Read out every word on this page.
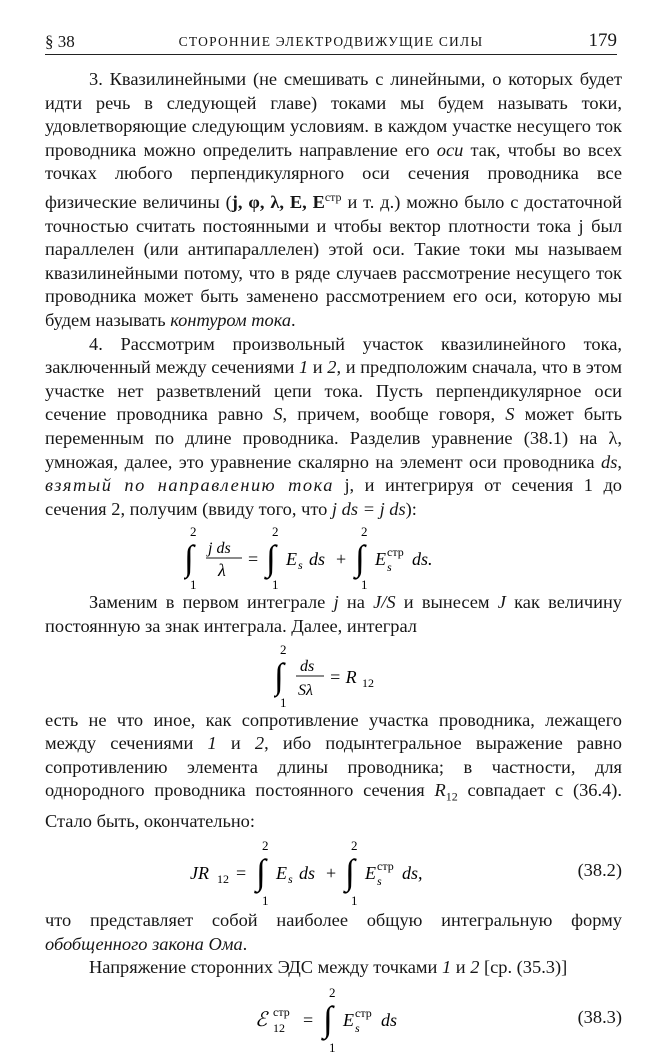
§ 38	СТОРОННИЕ ЭЛЕКТРОДВИЖУЩИЕ СИЛЫ	179

3. Квазилинейными (не смешивать с линейными, о которых будет идти речь в следующей главе) токами мы будем называть токи, удовлетворяющие следующим условиям. в каждом участке несущего ток проводника можно определить направление его оси так, чтобы во всех точках любого перпендикулярного оси сечения проводника все физические величины (j, φ, λ, E, $E^{стр}$ и т. д.) можно было с достаточной точностью считать постоянными и чтобы вектор плотности тока j был параллелен (или антипараллелен) этой оси. Такие токи мы называем квазилинейными потому, что в ряде случаев рассмотрение несущего ток проводника может быть заменено рассмотрением его оси, которую мы будем называть контуром тока.

4. Рассмотрим произвольный участок квазилинейного тока, заключенный между сечениями 1 и 2, и предположим сначала, что в этом участке нет разветвлений цепи тока. Пусть перпендикулярное оси сечение проводника равно S, причем, вообще говоря, S может быть переменным по длине проводника. Разделив уравнение (38.1) на λ, умножая, далее, это уравнение скалярно на элемент оси проводника ds, взятый по направлению тока j, и интегрируя от сечения 1 до сечения 2, получим (ввиду того, что j ds = j ds):

2
∫
1
j ds
λ
=
2
∫
1
E s ds +
2
∫
1
E стр
s ds.

Заменим в первом интеграле j на J/S и вынесем J как величину постоянную за знак интеграла. Далее, интеграл

2
∫
1
ds
Sλ
= R 12

есть не что иное, как сопротивление участка проводника, лежащего между сечениями 1 и 2, ибо подынтегральное выражение равно сопротивлению элемента длины проводника; в частности, для однородного проводника постоянного сечения $R_{12}$ совпадает с (36.4). Стало быть, окончательно:

JR 12 =
2
∫
1
E s ds +
2
∫
1
E стр
s ds,	(38.2)

что представляет собой наиболее общую интегральную форму обобщенного закона Ома.

Напряжение сторонних ЭДС между точками 1 и 2 [ср. (35.3)]

ℰ стр
12 =
2
∫
1
E стр
s ds	(38.3)
